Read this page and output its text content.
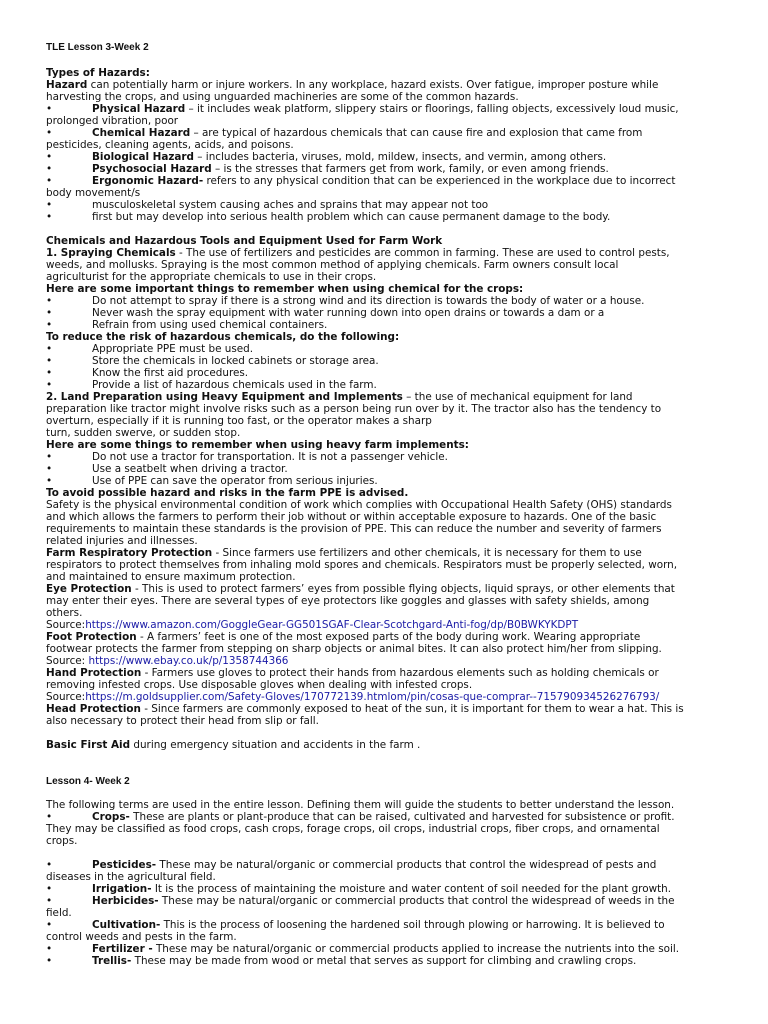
TLE Lesson 3-Week 2
Types of Hazards:
Hazard can potentially harm or injure workers. In any workplace, hazard exists. Over fatigue, improper posture while
harvesting the crops, and using unguarded machineries are some of the common hazards.
•	Physical Hazard – it includes weak platform, slippery stairs or floorings, falling objects, excessively loud music,
prolonged vibration, poor
•	Chemical Hazard – are typical of hazardous chemicals that can cause fire and explosion that came from
pesticides, cleaning agents, acids, and poisons.
•	Biological Hazard – includes bacteria, viruses, mold, mildew, insects, and vermin, among others.
•	Psychosocial Hazard – is the stresses that farmers get from work, family, or even among friends.
•	Ergonomic Hazard- refers to any physical condition that can be experienced in the workplace due to incorrect
body movement/s
•	musculoskeletal system causing aches and sprains that may appear not too
•	first but may develop into serious health problem which can cause permanent damage to the body.
Chemicals and Hazardous Tools and Equipment Used for Farm Work
1. Spraying Chemicals - The use of fertilizers and pesticides are common in farming. These are used to control pests,
weeds, and mollusks. Spraying is the most common method of applying chemicals. Farm owners consult local
agriculturist for the appropriate chemicals to use in their crops.
Here are some important things to remember when using chemical for the crops:
•	Do not attempt to spray if there is a strong wind and its direction is towards the body of water or a house.
•	Never wash the spray equipment with water running down into open drains or towards a dam or a
•	Refrain from using used chemical containers.
To reduce the risk of hazardous chemicals, do the following:
•	Appropriate PPE must be used.
•	Store the chemicals in locked cabinets or storage area.
•	Know the first aid procedures.
•	Provide a list of hazardous chemicals used in the farm.
2. Land Preparation using Heavy Equipment and Implements – the use of mechanical equipment for land
preparation like tractor might involve risks such as a person being run over by it. The tractor also has the tendency to
overturn, especially if it is running too fast, or the operator makes a sharp
turn, sudden swerve, or sudden stop.
Here are some things to remember when using heavy farm implements:
•	Do not use a tractor for transportation. It is not a passenger vehicle.
•	Use a seatbelt when driving a tractor.
•	Use of PPE can save the operator from serious injuries.
To avoid possible hazard and risks in the farm PPE is advised.
Safety is the physical environmental condition of work which complies with Occupational Health Safety (OHS) standards
and which allows the farmers to perform their job without or within acceptable exposure to hazards. One of the basic
requirements to maintain these standards is the provision of PPE. This can reduce the number and severity of farmers
related injuries and illnesses.
Farm Respiratory Protection - Since farmers use fertilizers and other chemicals, it is necessary for them to use
respirators to protect themselves from inhaling mold spores and chemicals. Respirators must be properly selected, worn,
and maintained to ensure maximum protection.
Eye Protection - This is used to protect farmers’ eyes from possible flying objects, liquid sprays, or other elements that
may enter their eyes. There are several types of eye protectors like goggles and glasses with safety shields, among
others.
Source:https://www.amazon.com/GoggleGear-GG501SGAF-Clear-Scotchgard-Anti-fog/dp/B0BWKYKDPT
Foot Protection - A farmers’ feet is one of the most exposed parts of the body during work. Wearing appropriate
footwear protects the farmer from stepping on sharp objects or animal bites. It can also protect him/her from slipping.
Source: https://www.ebay.co.uk/p/1358744366
Hand Protection - Farmers use gloves to protect their hands from hazardous elements such as holding chemicals or
removing infested crops. Use disposable gloves when dealing with infested crops.
Source:https://m.goldsupplier.com/Safety-Gloves/170772139.htmlom/pin/cosas-que-comprar--715790934526276793/
Head Protection - Since farmers are commonly exposed to heat of the sun, it is important for them to wear a hat. This is
also necessary to protect their head from slip or fall.
Basic First Aid during emergency situation and accidents in the farm .
Lesson 4- Week 2
The following terms are used in the entire lesson. Defining them will guide the students to better understand the lesson.
•	Crops- These are plants or plant-produce that can be raised, cultivated and harvested for subsistence or profit.
They may be classified as food crops, cash crops, forage crops, oil crops, industrial crops, fiber crops, and ornamental
crops.
•	Pesticides- These may be natural/organic or commercial products that control the widespread of pests and
diseases in the agricultural field.
•	Irrigation- It is the process of maintaining the moisture and water content of soil needed for the plant growth.
•	Herbicides- These may be natural/organic or commercial products that control the widespread of weeds in the
field.
•	Cultivation- This is the process of loosening the hardened soil through plowing or harrowing. It is believed to
control weeds and pests in the farm.
•	Fertilizer - These may be natural/organic or commercial products applied to increase the nutrients into the soil.
•	Trellis- These may be made from wood or metal that serves as support for climbing and crawling crops.
